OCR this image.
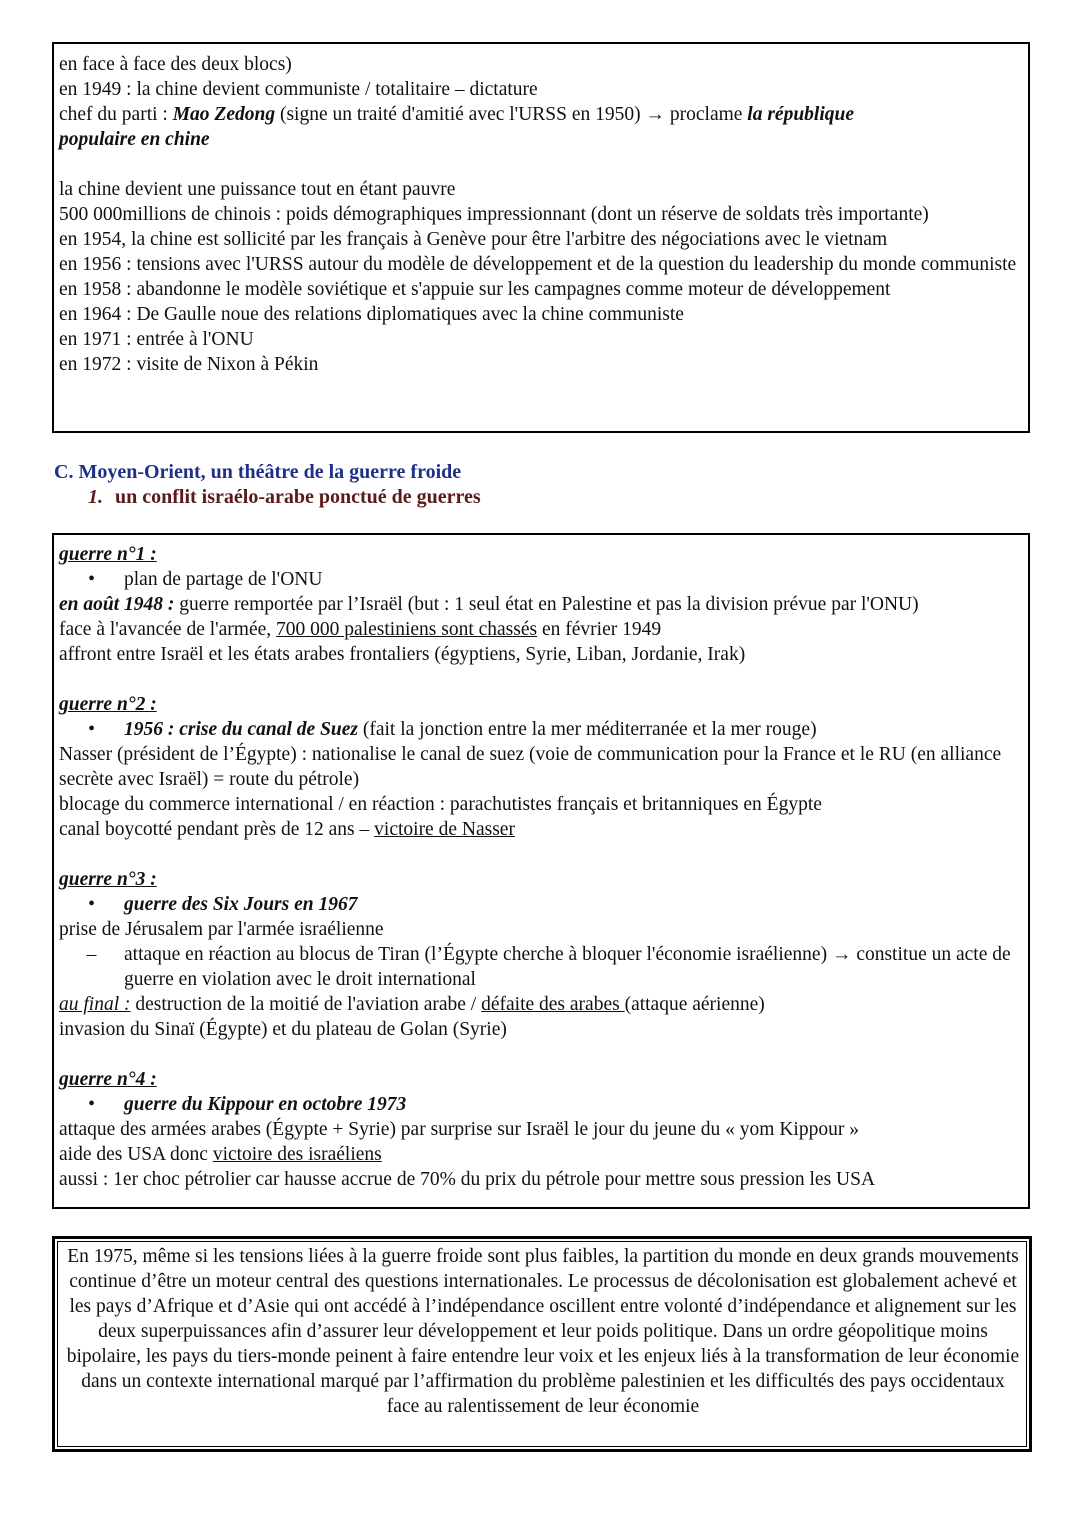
en face à face des deux blocs)
en 1949 : la chine devient communiste / totalitaire – dictature
chef du parti : Mao Zedong (signe un traité d'amitié avec l'URSS en 1950) → proclame la république
populaire en chine
la chine devient une puissance tout en étant pauvre
500 000millions de chinois : poids démographiques impressionnant (dont un réserve de soldats très importante)
en 1954, la chine est sollicité par les français à Genève pour être l'arbitre des négociations avec le vietnam
en 1956 : tensions avec l'URSS autour du modèle de développement et de la question du leadership du monde communiste
en 1958 : abandonne le modèle soviétique et s'appuie sur les campagnes comme moteur de développement
en 1964 : De Gaulle noue des relations diplomatiques avec la chine communiste
en 1971 : entrée à l'ONU
en 1972 : visite de Nixon à Pékin
C. Moyen-Orient, un théâtre de la guerre froide
1. un conflit israélo-arabe ponctué de guerres
guerre n°1 :
•	plan de partage de l'ONU
en août 1948 : guerre remportée par l’Israël (but : 1 seul état en Palestine et pas la division prévue par l'ONU)
face à l'avancée de l'armée, 700 000 palestiniens sont chassés en février 1949
affront entre Israël et les états arabes frontaliers (égyptiens, Syrie, Liban, Jordanie, Irak)
guerre n°2 :
•	1956 : crise du canal de Suez (fait la jonction entre la mer méditerranée et la mer rouge)
Nasser (président de l’Égypte) : nationalise le canal de suez (voie de communication pour la France et le RU (en alliance secrète avec Israël) = route du pétrole)
blocage du commerce international / en réaction : parachutistes français et britanniques en Égypte
canal boycotté pendant près de 12 ans – victoire de Nasser
guerre n°3 :
•	guerre des Six Jours en 1967
prise de Jérusalem par l'armée israélienne
–	attaque en réaction au blocus de Tiran (l’Égypte cherche à bloquer l'économie israélienne) → constitue un acte de guerre en violation avec le droit international
au final : destruction de la moitié de l'aviation arabe / défaite des arabes (attaque aérienne)
invasion du Sinaï (Égypte) et du plateau de Golan (Syrie)
guerre n°4 :
•	guerre du Kippour en octobre 1973
attaque des armées arabes (Égypte + Syrie) par surprise sur Israël le jour du jeune du « yom Kippour »
aide des USA donc victoire des israéliens
aussi : 1er choc pétrolier car hausse accrue de 70% du prix du pétrole pour mettre sous pression les USA
En 1975, même si les tensions liées à la guerre froide sont plus faibles, la partition du monde en deux grands mouvements continue d’être un moteur central des questions internationales. Le processus de décolonisation est globalement achevé et les pays d’Afrique et d’Asie qui ont accédé à l’indépendance oscillent entre volonté d’indépendance et alignement sur les deux superpuissances afin d’assurer leur développement et leur poids politique. Dans un ordre géopolitique moins bipolaire, les pays du tiers-monde peinent à faire entendre leur voix et les enjeux liés à la transformation de leur économie dans un contexte international marqué par l’affirmation du problème palestinien et les difficultés des pays occidentaux face au ralentissement de leur économie
